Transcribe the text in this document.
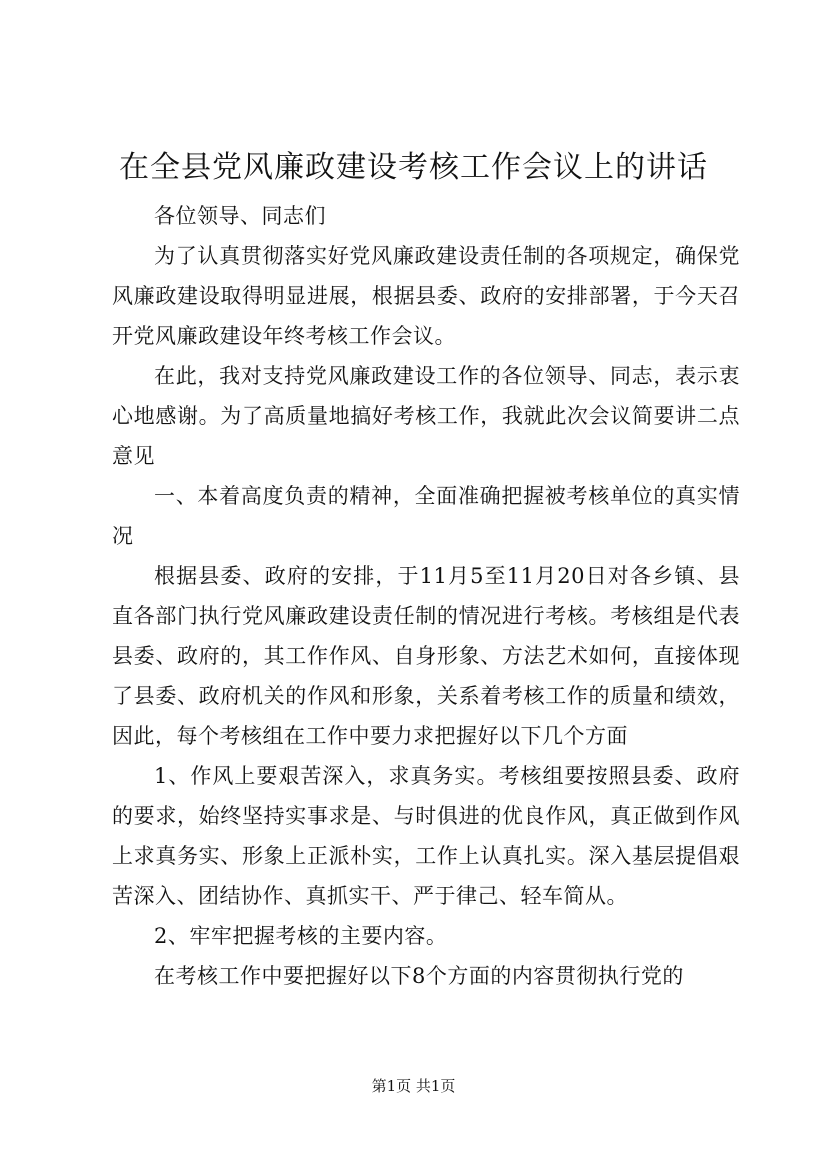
在全县党风廉政建设考核工作会议上的讲话

各位领导、同志们

为了认真贯彻落实好党风廉政建设责任制的各项规定，确保党风廉政建设取得明显进展，根据县委、政府的安排部署，于今天召开党风廉政建设年终考核工作会议。

在此，我对支持党风廉政建设工作的各位领导、同志，表示衷心地感谢。为了高质量地搞好考核工作，我就此次会议简要讲二点意见

一、本着高度负责的精神，全面准确把握被考核单位的真实情况

根据县委、政府的安排，于11月5至11月20日对各乡镇、县直各部门执行党风廉政建设责任制的情况进行考核。考核组是代表县委、政府的，其工作作风、自身形象、方法艺术如何，直接体现了县委、政府机关的作风和形象，关系着考核工作的质量和绩效，因此，每个考核组在工作中要力求把握好以下几个方面

1、作风上要艰苦深入，求真务实。考核组要按照县委、政府的要求，始终坚持实事求是、与时俱进的优良作风，真正做到作风上求真务实、形象上正派朴实，工作上认真扎实。深入基层提倡艰苦深入、团结协作、真抓实干、严于律己、轻车简从。

2、牢牢把握考核的主要内容。

在考核工作中要把握好以下8个方面的内容贯彻执行党的

第1页 共1页
